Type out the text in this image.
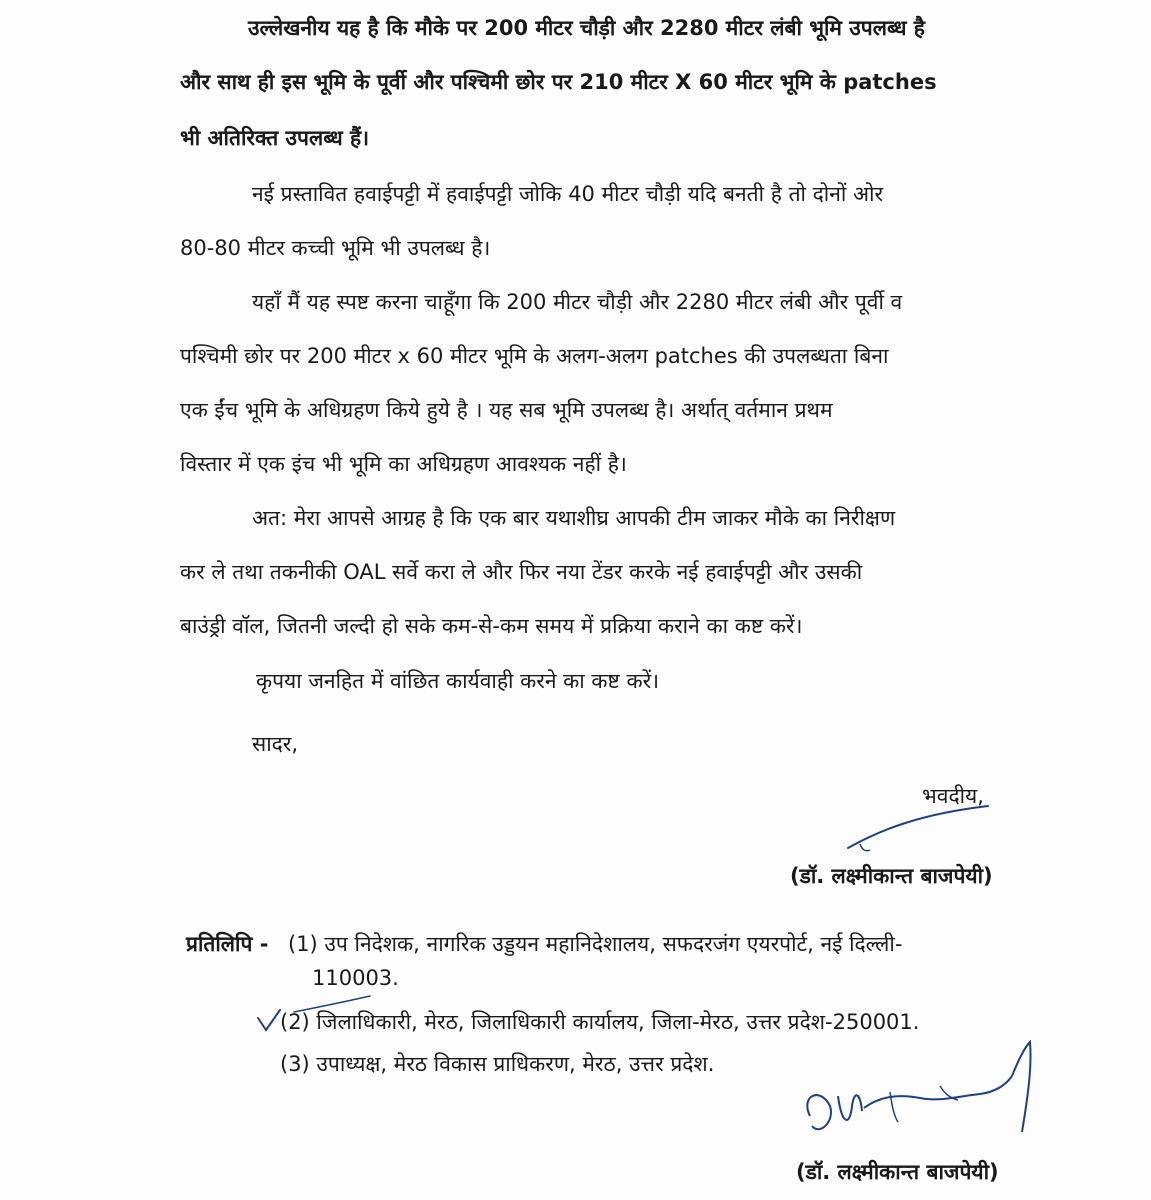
उल्लेखनीय यह है कि मौके पर 200 मीटर चौड़ी और 2280 मीटर लंबी भूमि उपलब्ध है
और साथ ही इस भूमि के पूर्वी और पश्चिमी छोर पर 210 मीटर X 60 मीटर भूमि के patches
भी अतिरिक्त उपलब्ध हैं।
नई प्रस्तावित हवाईपट्टी में हवाईपट्टी जोकि 40 मीटर चौड़ी यदि बनती है तो दोनों ओर
80-80 मीटर कच्ची भूमि भी उपलब्ध है।
यहाँ मैं यह स्पष्ट करना चाहूँगा कि 200 मीटर चौड़ी और 2280 मीटर लंबी और पूर्वी व
पश्चिमी छोर पर 200 मीटर x 60 मीटर भूमि के अलग-अलग patches की उपलब्धता बिना
एक ईंच भूमि के अधिग्रहण किये हुये है । यह सब भूमि उपलब्ध है। अर्थात् वर्तमान प्रथम
विस्तार में एक इंच भी भूमि का अधिग्रहण आवश्यक नहीं है।
अत: मेरा आपसे आग्रह है कि एक बार यथाशीघ्र आपकी टीम जाकर मौके का निरीक्षण
कर ले तथा तकनीकी OAL सर्वे करा ले और फिर नया टेंडर करके नई हवाईपट्टी और उसकी
बाउंड्री वॉल, जितनी जल्दी हो सके कम-से-कम समय में प्रक्रिया कराने का कष्ट करें।
कृपया जनहित में वांछित कार्यवाही करने का कष्ट करें।
सादर,
भवदीय,
(डॉ. लक्ष्मीकान्त बाजपेयी)
प्रतिलिपि - (1) उप निदेशक, नागरिक उड्डयन महानिदेशालय, सफदरजंग एयरपोर्ट, नई दिल्ली-
110003.
(2) जिलाधिकारी, मेरठ, जिलाधिकारी कार्यालय, जिला-मेरठ, उत्तर प्रदेश-250001.
(3) उपाध्यक्ष, मेरठ विकास प्राधिकरण, मेरठ, उत्तर प्रदेश.
(डॉ. लक्ष्मीकान्त बाजपेयी)
